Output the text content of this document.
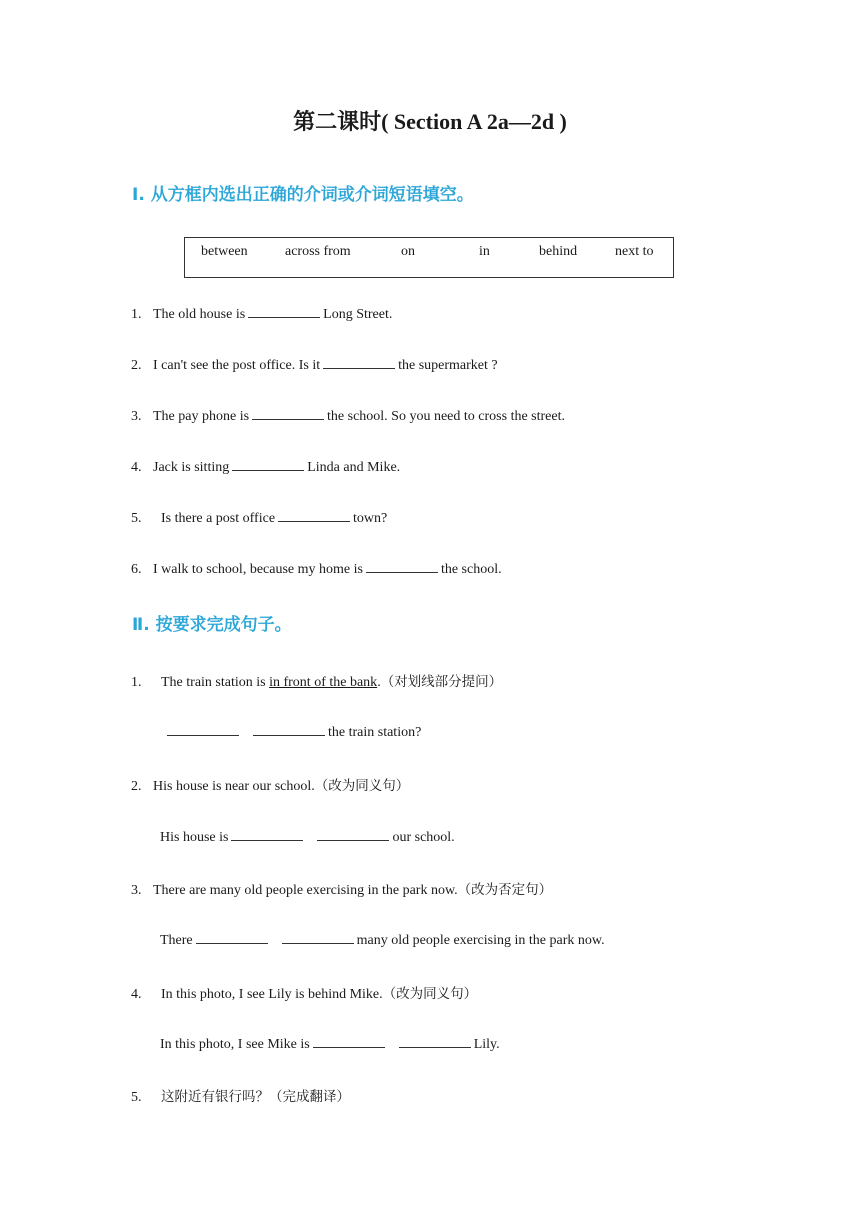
第二课时( Section A 2a—2d )

Ⅰ. 从方框内选出正确的介词或介词短语填空。

between	across from	on	in	behind	next to

1. The old house is	Long Street.

2. I can't see the post office. Is it	the supermarket ?

3. The pay phone is	the school. So you need to cross the street.

4. Jack is sitting	Linda and Mike.

5. Is there a post office	town?

6. I walk to school, because my home is	the school.

Ⅱ. 按要求完成句子。

1. The train station is in front of the bank.（对划线部分提问）

the train station?

2. His house is near our school.（改为同义句）

His house is	our school.

3. There are many old people exercising in the park now.（改为否定句）

There	many old people exercising in the park now.

4. In this photo, I see Lily is behind Mike.（改为同义句）

In this photo, I see Mike is	Lily.

5. 这附近有银行吗？（完成翻译）
